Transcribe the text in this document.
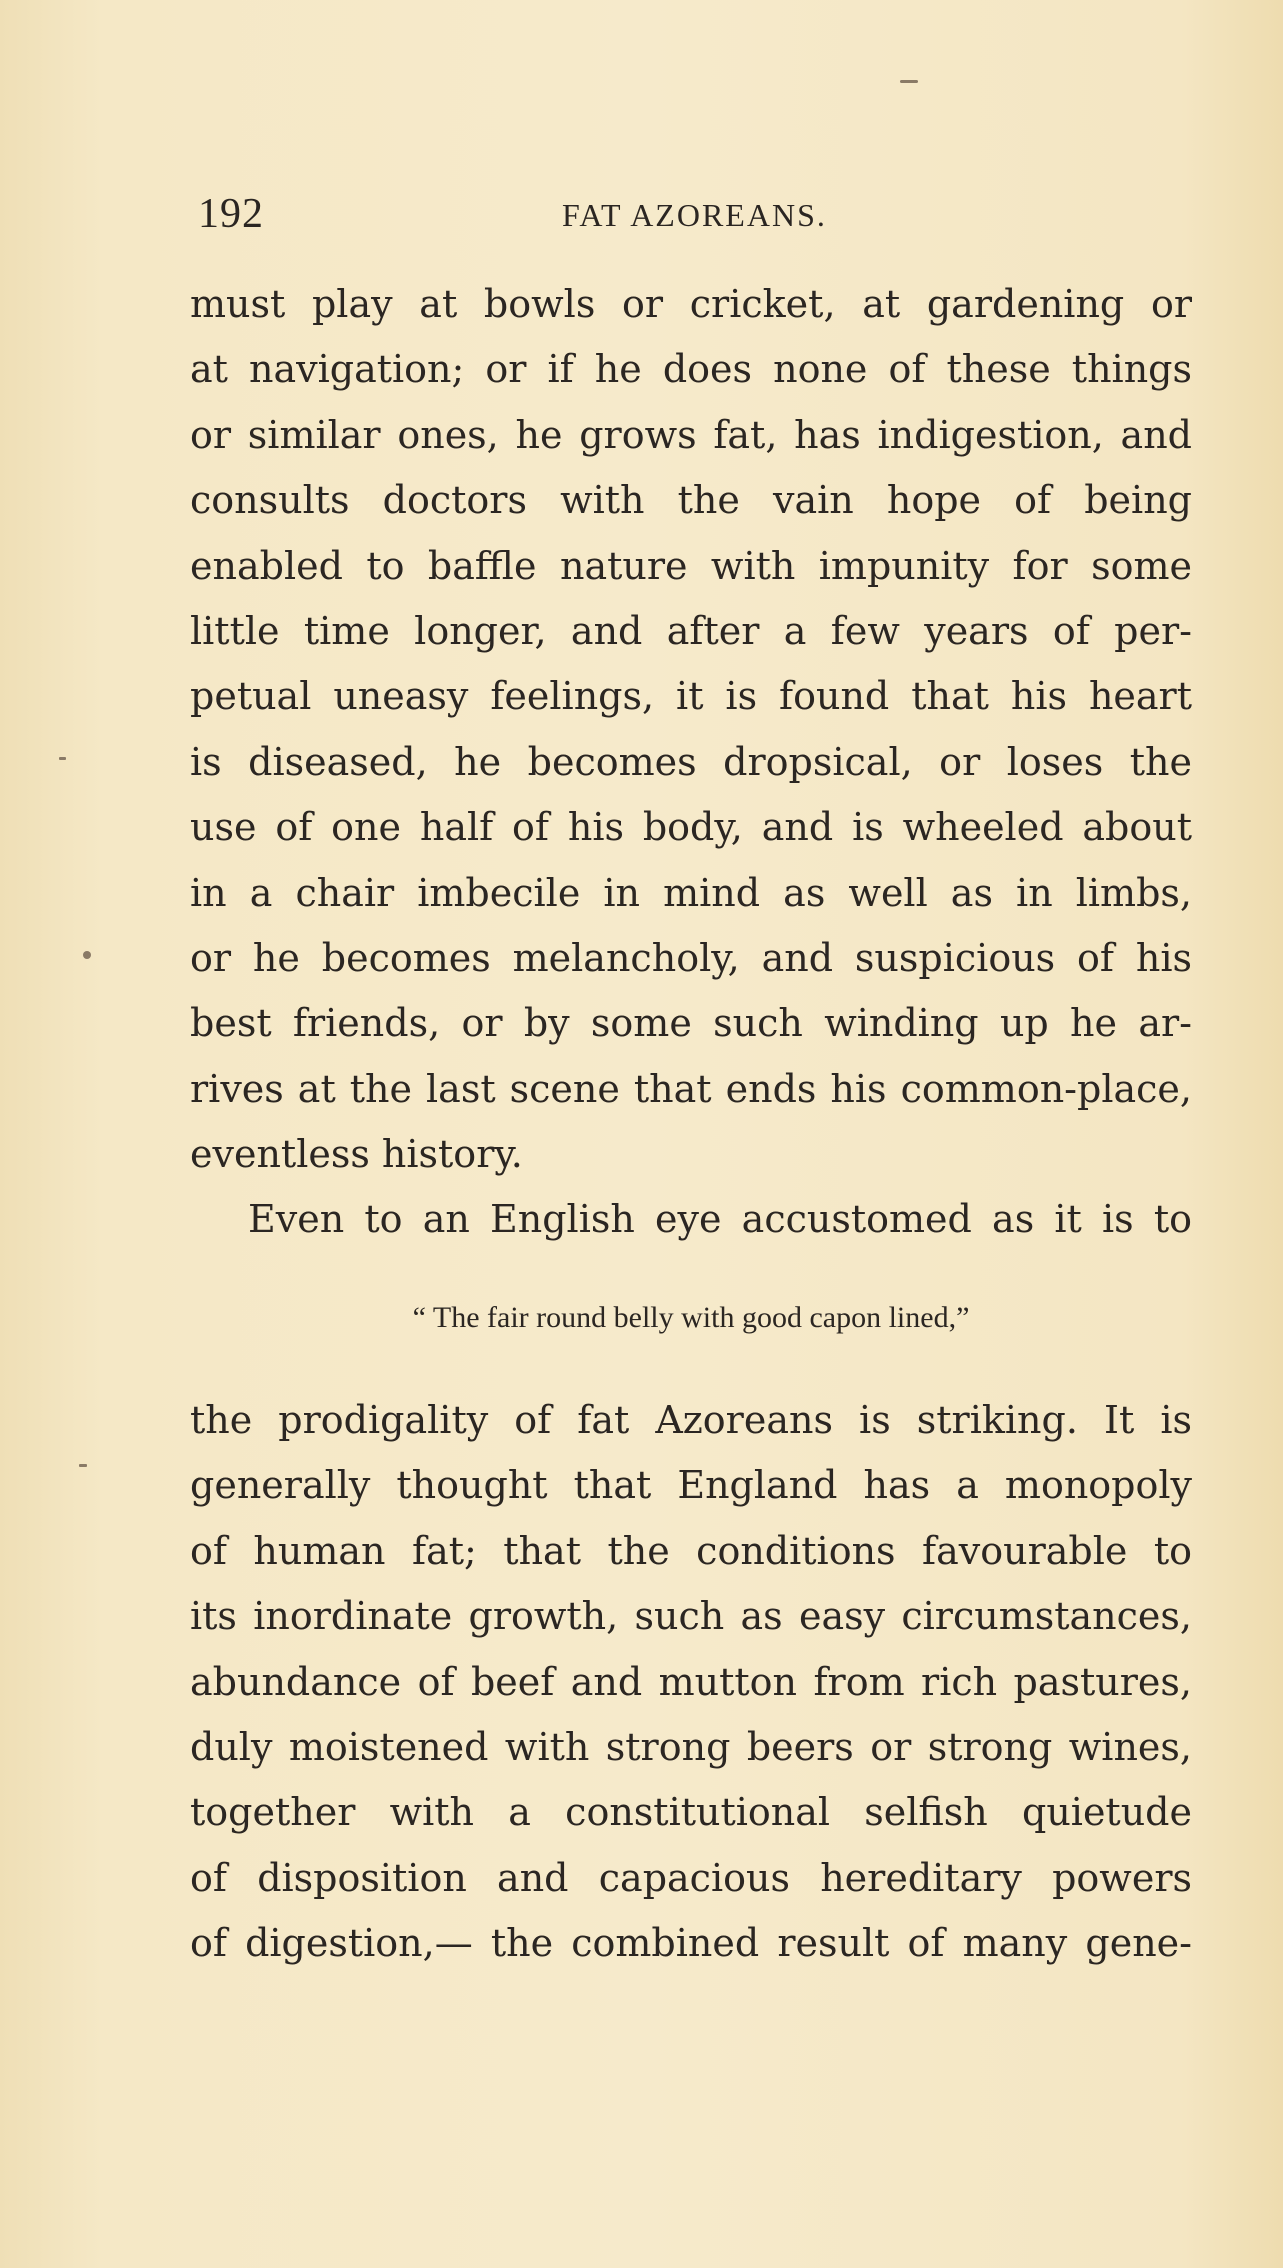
192	FAT AZOREANS.
must play at bowls or cricket, at gardening or
at navigation; or if he does none of these things
or similar ones, he grows fat, has indigestion, and
consults doctors with the vain hope of being
enabled to baffle nature with impunity for some
little time longer, and after a few years of per-
petual uneasy feelings, it is found that his heart
is diseased, he becomes dropsical, or loses the
use of one half of his body, and is wheeled about
in a chair imbecile in mind as well as in limbs,
or he becomes melancholy, and suspicious of his
best friends, or by some such winding up he ar-
rives at the last scene that ends his common-place,
eventless history.
Even to an English eye accustomed as it is to
“ The fair round belly with good capon lined,”
the prodigality of fat Azoreans is striking. It is
generally thought that England has a monopoly
of human fat; that the conditions favourable to
its inordinate growth, such as easy circumstances,
abundance of beef and mutton from rich pastures,
duly moistened with strong beers or strong wines,
together with a constitutional selfish quietude
of disposition and capacious hereditary powers
of digestion,— the combined result of many gene-
